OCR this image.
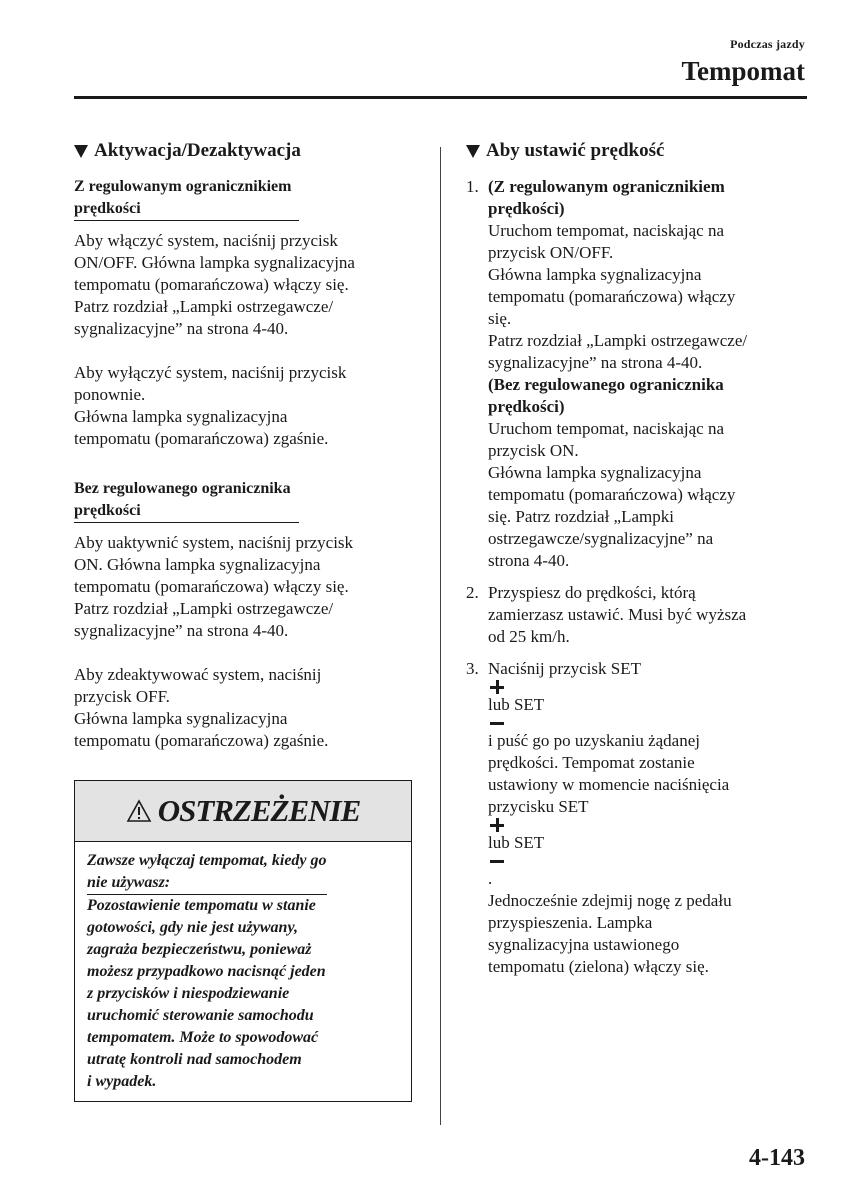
Podczas jazdy
Tempomat
Aktywacja/Dezaktywacja
Z regulowanym ogranicznikiem
prędkości
Aby włączyć system, naciśnij przycisk
ON/OFF. Główna lampka sygnalizacyjna
tempomatu (pomarańczowa) włączy się.
Patrz rozdział „Lampki ostrzegawcze/
sygnalizacyjne” na strona 4-40.
Aby wyłączyć system, naciśnij przycisk
ponownie.
Główna lampka sygnalizacyjna
tempomatu (pomarańczowa) zgaśnie.
Bez regulowanego ogranicznika
prędkości
Aby uaktywnić system, naciśnij przycisk
ON. Główna lampka sygnalizacyjna
tempomatu (pomarańczowa) włączy się.
Patrz rozdział „Lampki ostrzegawcze/
sygnalizacyjne” na strona 4-40.
Aby zdeaktywować system, naciśnij
przycisk OFF.
Główna lampka sygnalizacyjna
tempomatu (pomarańczowa) zgaśnie.
OSTRZEŻENIE
Zawsze wyłączaj tempomat, kiedy go
nie używasz:
Pozostawienie tempomatu w stanie
gotowości, gdy nie jest używany,
zagraża bezpieczeństwu, ponieważ
możesz przypadkowo nacisnąć jeden
z przycisków i niespodziewanie
uruchomić sterowanie samochodu
tempomatem. Może to spowodować
utratę kontroli nad samochodem
i wypadek.
Aby ustawić prędkość
1. (Z regulowanym ogranicznikiem
prędkości)
Uruchom tempomat, naciskając na
przycisk ON/OFF.
Główna lampka sygnalizacyjna
tempomatu (pomarańczowa) włączy
się.
Patrz rozdział „Lampki ostrzegawcze/
sygnalizacyjne” na strona 4-40.
(Bez regulowanego ogranicznika
prędkości)
Uruchom tempomat, naciskając na
przycisk ON.
Główna lampka sygnalizacyjna
tempomatu (pomarańczowa) włączy
się. Patrz rozdział „Lampki
ostrzegawcze/sygnalizacyjne” na
strona 4-40.
2. Przyspiesz do prędkości, którą
zamierzasz ustawić. Musi być wyższa
od 25 km/h.
3. Naciśnij przycisk SET
lub SET
i puść go po uzyskaniu żądanej
prędkości. Tempomat zostanie
ustawiony w momencie naciśnięcia
przycisku SET
lub SET
.
Jednocześnie zdejmij nogę z pedału
przyspieszenia. Lampka
sygnalizacyjna ustawionego
tempomatu (zielona) włączy się.
4-143
